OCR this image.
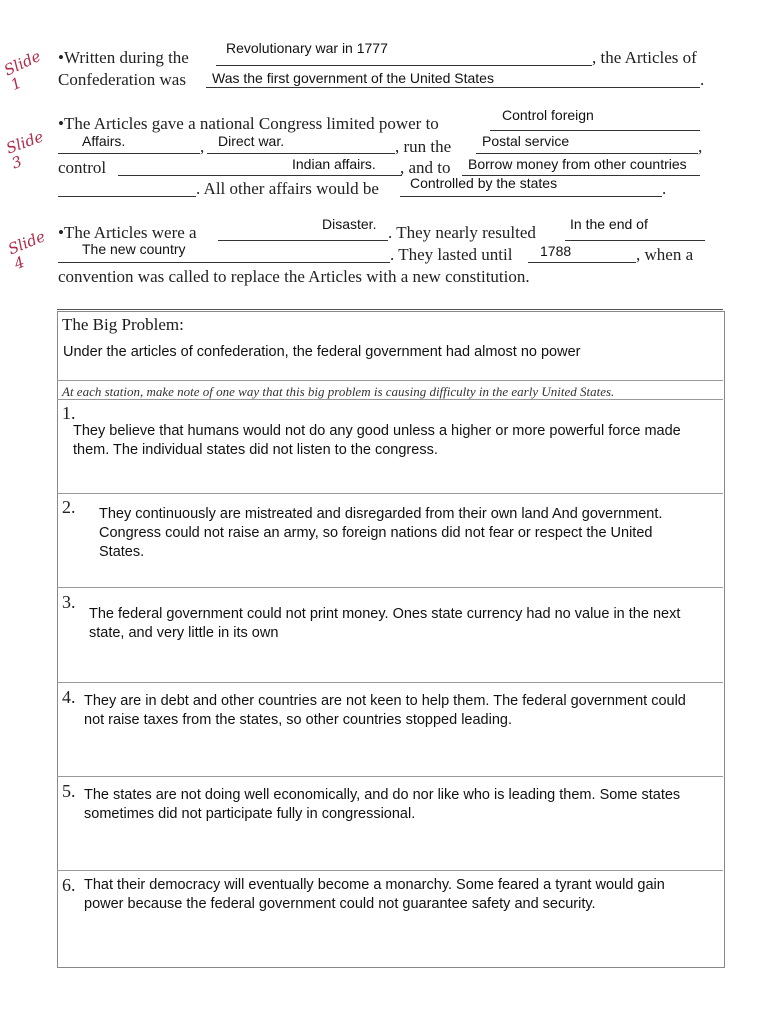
Slide 1
Slide 3
Slide 4
•Written during the	Revolutionary war in 1777	, the Articles of
Confederation was Was the first government of the United States	.
•The Articles gave a national Congress limited power to	Control foreign
Affairs.	, Direct war.	, run the Postal service	,
control	Indian affairs. , and to Borrow money from other countries
. All other affairs would be Controlled by the states	.
•The Articles were a	Disaster. . They nearly resulted In the end of
The new country	. They lasted until 1788	, when a
convention was called to replace the Articles with a new constitution.
The Big Problem:
Under the articles of confederation, the federal government had almost no power
At each station, make note of one way that this big problem is causing difficulty in the early United States.
1.
They believe that humans would not do any good unless a higher or more powerful force made them. The individual states did not listen to the congress.
2. They continuously are mistreated and disregarded from their own land And government. Congress could not raise an army, so foreign nations did not fear or respect the United States.
3.
The federal government could not print money. Ones state currency had no value in the next state, and very little in its own
4. They are in debt and other countries are not keen to help them. The federal government could not raise taxes from the states, so other countries stopped leading.
5. The states are not doing well economically, and do nor like who is leading them. Some states sometimes did not participate fully in congressional.
6. That their democracy will eventually become a monarchy. Some feared a tyrant would gain power because the federal government could not guarantee safety and security.
